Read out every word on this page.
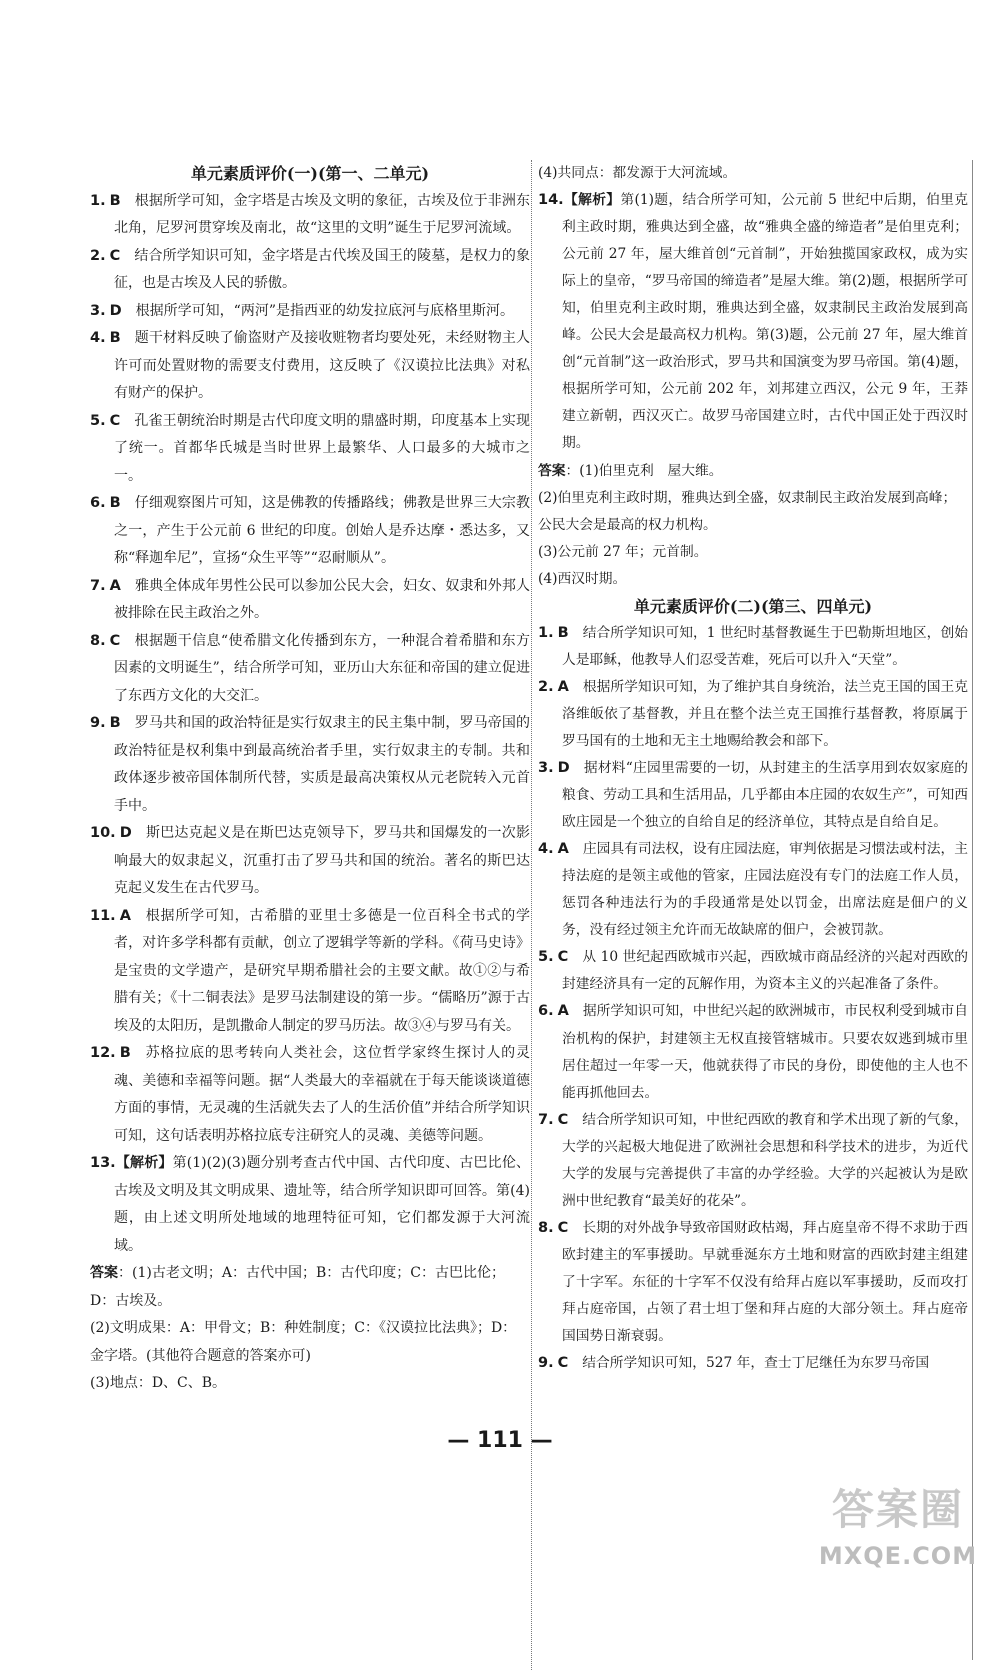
单元素质评价(一)(第一、二单元)

1. B 根据所学可知，金字塔是古埃及文明的象征，古埃及位于非洲东北角，尼罗河贯穿埃及南北，故“这里的文明”诞生于尼罗河流域。

2. C 结合所学知识可知，金字塔是古代埃及国王的陵墓，是权力的象征，也是古埃及人民的骄傲。

3. D 根据所学可知，“两河”是指西亚的幼发拉底河与底格里斯河。

4. B 题干材料反映了偷盗财产及接收赃物者均要处死，未经财物主人许可而处置财物的需要支付费用，这反映了《汉谟拉比法典》对私有财产的保护。

5. C 孔雀王朝统治时期是古代印度文明的鼎盛时期，印度基本上实现了统一。首都华氏城是当时世界上最繁华、人口最多的大城市之一。

6. B 仔细观察图片可知，这是佛教的传播路线；佛教是世界三大宗教之一，产生于公元前 6 世纪的印度。创始人是乔达摩・悉达多，又称“释迦牟尼”，宣扬“众生平等”“忍耐顺从”。

7. A 雅典全体成年男性公民可以参加公民大会，妇女、奴隶和外邦人被排除在民主政治之外。

8. C 根据题干信息“使希腊文化传播到东方，一种混合着希腊和东方因素的文明诞生”，结合所学可知，亚历山大东征和帝国的建立促进了东西方文化的大交汇。

9. B 罗马共和国的政治特征是实行奴隶主的民主集中制，罗马帝国的政治特征是权利集中到最高统治者手里，实行奴隶主的专制。共和政体逐步被帝国体制所代替，实质是最高决策权从元老院转入元首手中。

10. D 斯巴达克起义是在斯巴达克领导下，罗马共和国爆发的一次影响最大的奴隶起义，沉重打击了罗马共和国的统治。著名的斯巴达克起义发生在古代罗马。

11. A 根据所学可知，古希腊的亚里士多德是一位百科全书式的学者，对许多学科都有贡献，创立了逻辑学等新的学科。《荷马史诗》是宝贵的文学遗产，是研究早期希腊社会的主要文献。故①②与希腊有关；《十二铜表法》是罗马法制建设的第一步。“儒略历”源于古埃及的太阳历，是凯撒命人制定的罗马历法。故③④与罗马有关。

12. B 苏格拉底的思考转向人类社会，这位哲学家终生探讨人的灵魂、美德和幸福等问题。据“人类最大的幸福就在于每天能谈谈道德方面的事情，无灵魂的生活就失去了人的生活价值”并结合所学知识可知，这句话表明苏格拉底专注研究人的灵魂、美德等问题。

13.【解析】第(1)(2)(3)题分别考查古代中国、古代印度、古巴比伦、古埃及文明及其文明成果、遗址等，结合所学知识即可回答。第(4)题，由上述文明所处地域的地理特征可知，它们都发源于大河流域。

答案：(1)古老文明；A：古代中国；B：古代印度；C：古巴比伦；D：古埃及。

(2)文明成果：A：甲骨文；B：种姓制度；C：《汉谟拉比法典》；D：金字塔。(其他符合题意的答案亦可)

(3)地点：D、C、B。

(4)共同点：都发源于大河流域。

14.【解析】第(1)题，结合所学可知，公元前 5 世纪中后期，伯里克利主政时期，雅典达到全盛，故“雅典全盛的缔造者”是伯里克利；公元前 27 年，屋大维首创“元首制”，开始独揽国家政权，成为实际上的皇帝，“罗马帝国的缔造者”是屋大维。第(2)题，根据所学可知，伯里克利主政时期，雅典达到全盛，奴隶制民主政治发展到高峰。公民大会是最高权力机构。第(3)题，公元前 27 年，屋大维首创“元首制”这一政治形式，罗马共和国演变为罗马帝国。第(4)题，根据所学可知，公元前 202 年，刘邦建立西汉，公元 9 年，王莽建立新朝，西汉灭亡。故罗马帝国建立时，古代中国正处于西汉时期。

答案：(1)伯里克利　屋大维。

(2)伯里克利主政时期，雅典达到全盛，奴隶制民主政治发展到高峰；公民大会是最高的权力机构。

(3)公元前 27 年；元首制。

(4)西汉时期。

单元素质评价(二)(第三、四单元)

1. B 结合所学知识可知，1 世纪时基督教诞生于巴勒斯坦地区，创始人是耶稣，他教导人们忍受苦难，死后可以升入“天堂”。

2. A 根据所学知识可知，为了维护其自身统治，法兰克王国的国王克洛维皈依了基督教，并且在整个法兰克王国推行基督教，将原属于罗马国有的土地和无主土地赐给教会和部下。

3. D 据材料“庄园里需要的一切，从封建主的生活享用到农奴家庭的粮食、劳动工具和生活用品，几乎都由本庄园的农奴生产”，可知西欧庄园是一个独立的自给自足的经济单位，其特点是自给自足。

4. A 庄园具有司法权，设有庄园法庭，审判依据是习惯法或村法，主持法庭的是领主或他的管家，庄园法庭没有专门的法庭工作人员，惩罚各种违法行为的手段通常是处以罚金，出席法庭是佃户的义务，没有经过领主允许而无故缺席的佃户，会被罚款。

5. C 从 10 世纪起西欧城市兴起，西欧城市商品经济的兴起对西欧的封建经济具有一定的瓦解作用，为资本主义的兴起准备了条件。

6. A 据所学知识可知，中世纪兴起的欧洲城市，市民权利受到城市自治机构的保护，封建领主无权直接管辖城市。只要农奴逃到城市里居住超过一年零一天，他就获得了市民的身份，即使他的主人也不能再抓他回去。

7. C 结合所学知识可知，中世纪西欧的教育和学术出现了新的气象，大学的兴起极大地促进了欧洲社会思想和科学技术的进步，为近代大学的发展与完善提供了丰富的办学经验。大学的兴起被认为是欧洲中世纪教育“最美好的花朵”。

8. C 长期的对外战争导致帝国财政枯竭，拜占庭皇帝不得不求助于西欧封建主的军事援助。早就垂涎东方土地和财富的西欧封建主组建了十字军。东征的十字军不仅没有给拜占庭以军事援助，反而攻打拜占庭帝国，占领了君士坦丁堡和拜占庭的大部分领土。拜占庭帝国国势日渐衰弱。

9. C 结合所学知识可知，527 年，查士丁尼继任为东罗马帝国

— 111 —
答案圈
MXQE.COM
